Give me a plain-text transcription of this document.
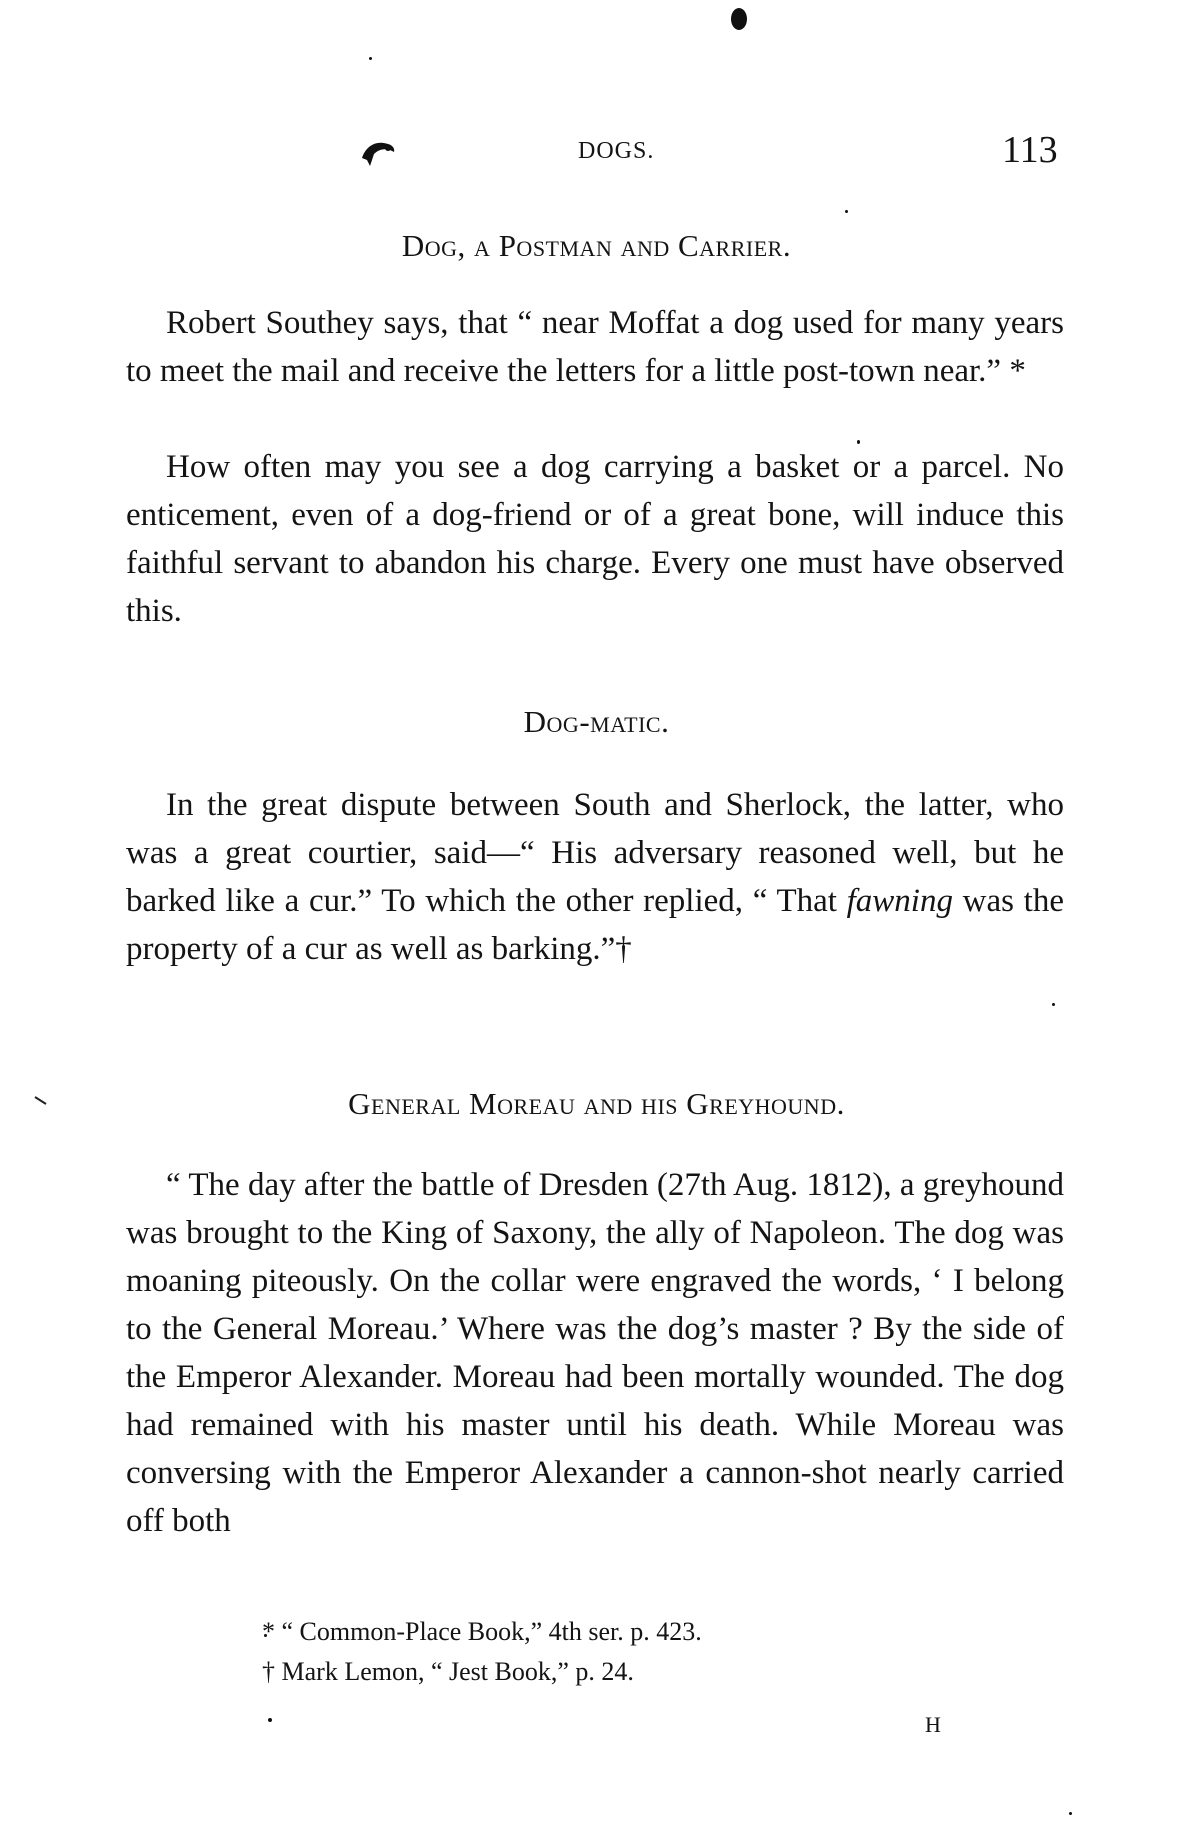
DOGS.	113
Dog, a Postman and Carrier.

Robert Southey says, that “ near Moffat a dog used for many years to meet the mail and receive the letters for a little post-town near.” *

How often may you see a dog carrying a basket or a parcel. No enticement, even of a dog-friend or of a great bone, will induce this faithful servant to abandon his charge. Every one must have observed this.

Dog-matic.

In the great dispute between South and Sherlock, the latter, who was a great courtier, said—“ His adversary reasoned well, but he barked like a cur.” To which the other replied, “ That fawning was the property of a cur as well as barking.”†

General Moreau and his Greyhound.

“ The day after the battle of Dresden (27th Aug. 1812), a greyhound was brought to the King of Saxony, the ally of Napoleon. The dog was moaning piteously. On the collar were engraved the words, ‘ I belong to the General Moreau.’ Where was the dog’s master ? By the side of the Emperor Alexander. Moreau had been mortally wounded. The dog had remained with his master until his death. While Moreau was conversing with the Emperor Alexander a cannon-shot nearly carried off both

* “ Common-Place Book,” 4th ser. p. 423.
† Mark Lemon, “ Jest Book,” p. 24.
H
